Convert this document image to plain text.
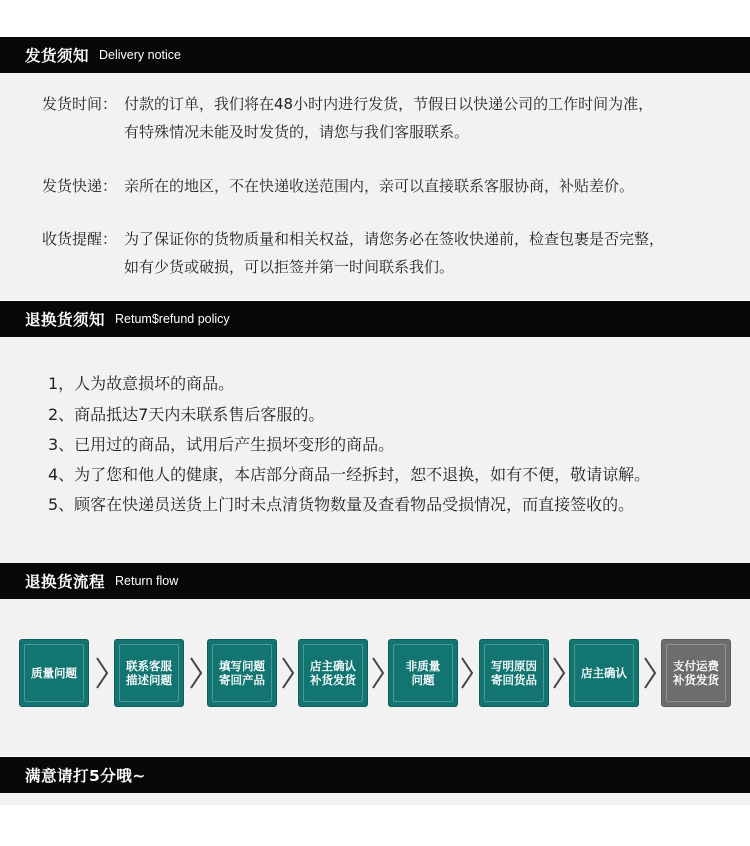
发货须知 Delivery notice
发货时间： 付款的订单，我们将在48小时内进行发货，节假日以快递公司的工作时间为准，
有特殊情况未能及时发货的，请您与我们客服联系。
发货快递： 亲所在的地区，不在快递收送范围内，亲可以直接联系客服协商，补贴差价。
收货提醒： 为了保证你的货物质量和相关权益，请您务必在签收快递前，检查包裹是否完整，
如有少货或破损，可以拒签并第一时间联系我们。
退换货须知 Retum$refund policy
1，人为故意损坏的商品。
2、商品抵达7天内未联系售后客服的。
3、已用过的商品，试用后产生损坏变形的商品。
4、为了您和他人的健康，本店部分商品一经拆封，恕不退换，如有不便，敬请谅解。
5、顾客在快递员送货上门时未点清货物数量及查看物品受损情况，而直接签收的。
退换货流程 Return flow
质量问题	联系客服
描述问题
填写问题
寄回产品
店主确认
补货发货
非质量
问题
写明原因
寄回货品	店主确认	支付运费
补货发货
满意请打5分哦~
